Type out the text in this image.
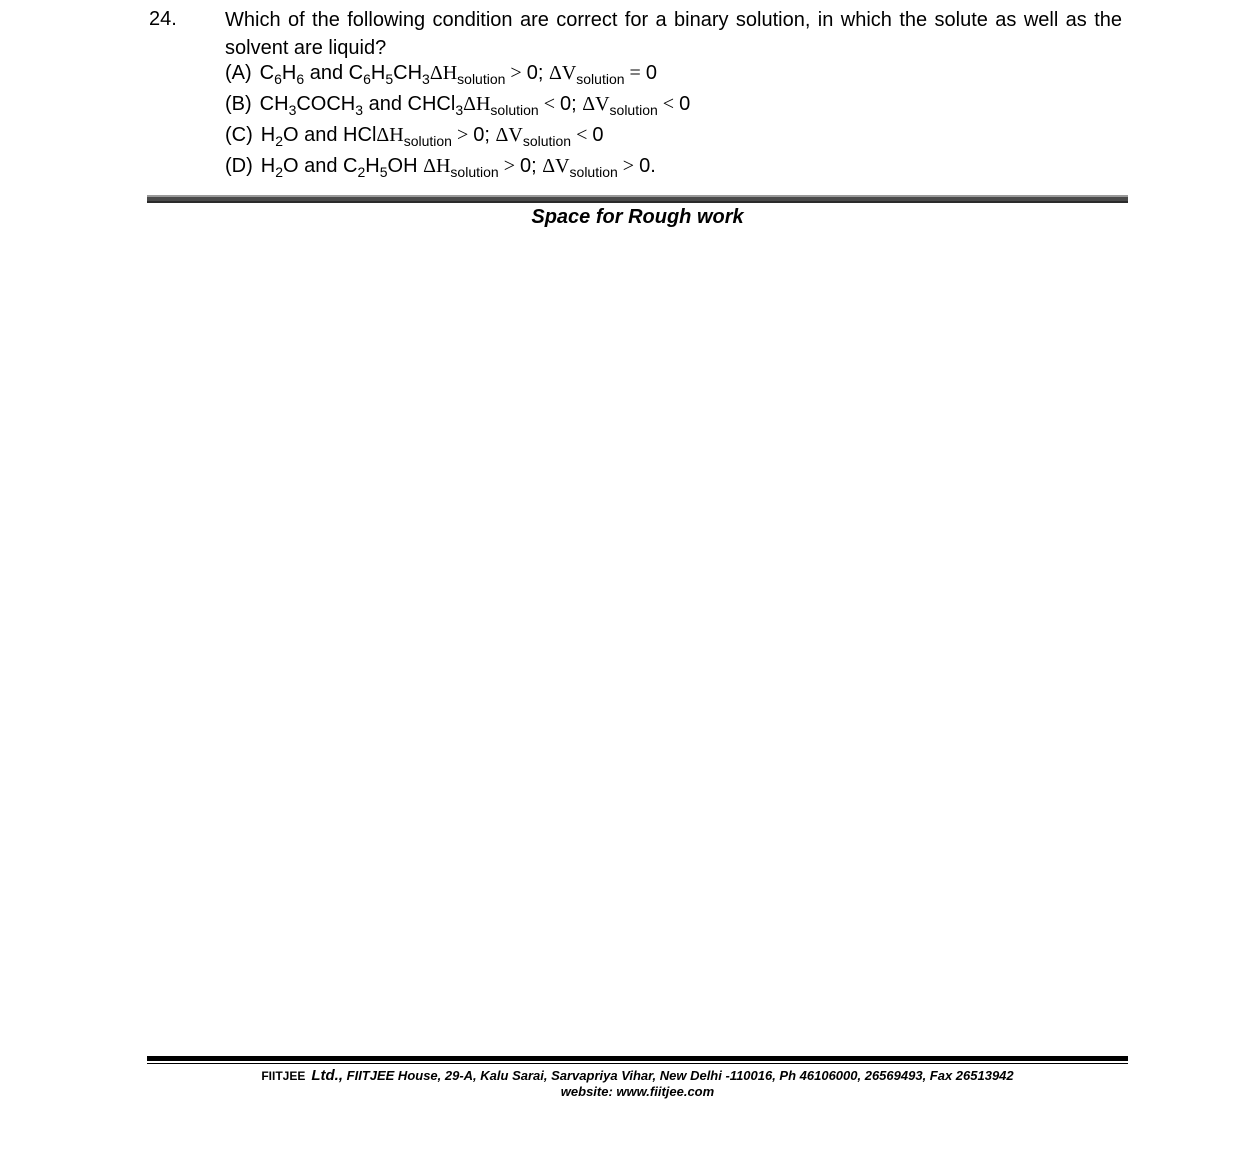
24. Which of the following condition are correct for a binary solution, in which the solute as well as the solvent are liquid?
(A) $C_6H_6$ and $C_6H_5CH_3\Delta H_{solution} > 0$; $\Delta V_{solution} = 0$
(B) $CH_3COCH_3$ and $CHCl_3\Delta H_{solution} < 0$; $\Delta V_{solution} < 0$
(C) $H_2O$ and HClΔH$_{solution}$ > 0; $\Delta V_{solution} < 0$
(D) $H_2O$ and $C_2H_5OH$ $\Delta H_{solution} > 0$; $\Delta V_{solution} > 0$.
Space for Rough work
FIITJEE Ltd., FIITJEE House, 29-A, Kalu Sarai, Sarvapriya Vihar, New Delhi -110016, Ph 46106000, 26569493, Fax 26513942
website: www.fiitjee.com
